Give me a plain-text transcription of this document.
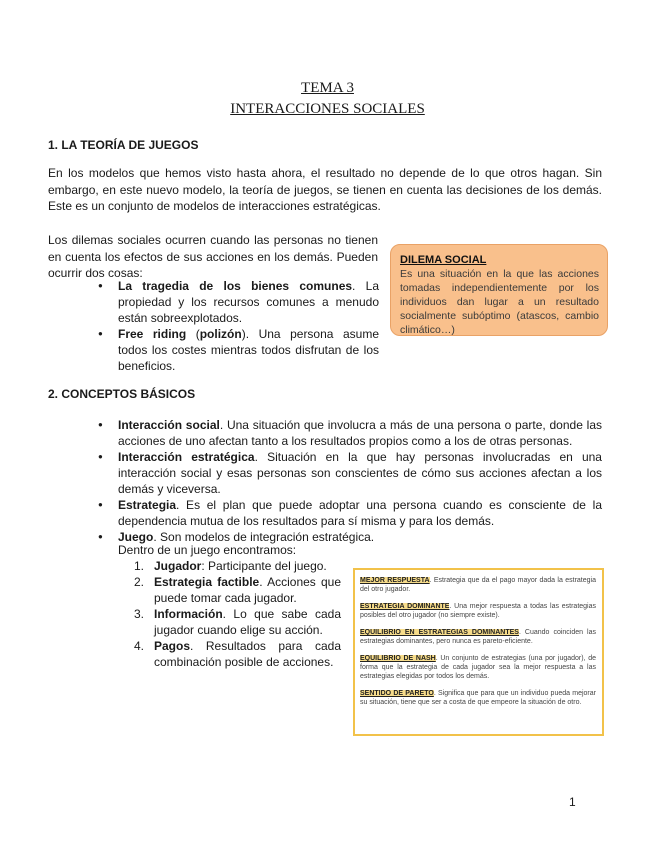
TEMA 3
INTERACCIONES SOCIALES
1. LA TEORÍA DE JUEGOS
En los modelos que hemos visto hasta ahora, el resultado no depende de lo que otros hagan. Sin embargo, en este nuevo modelo, la teoría de juegos, se tienen en cuenta las decisiones de los demás. Este es un conjunto de modelos de interacciones estratégicas.
Los dilemas sociales ocurren cuando las personas no tienen en cuenta los efectos de sus acciones en los demás. Pueden ocurrir dos cosas:
● La tragedia de los bienes comunes. La propiedad y los recursos comunes a menudo están sobreexplotados.
● Free riding (polizón). Una persona asume todos los costes mientras todos disfrutan de los beneficios.
DILEMA SOCIAL
Es una situación en la que las acciones tomadas independientemente por los individuos dan lugar a un resultado socialmente subóptimo (atascos, cambio climático…)
2. CONCEPTOS BÁSICOS
● Interacción social. Una situación que involucra a más de una persona o parte, donde las acciones de uno afectan tanto a los resultados propios como a los de otras personas.
● Interacción estratégica. Situación en la que hay personas involucradas en una interacción social y esas personas son conscientes de cómo sus acciones afectan a los demás y viceversa.
● Estrategia. Es el plan que puede adoptar una persona cuando es consciente de la dependencia mutua de los resultados para sí misma y para los demás.
● Juego. Son modelos de integración estratégica.
Dentro de un juego encontramos:
1. Jugador: Participante del juego.
2. Estrategia factible. Acciones que puede tomar cada jugador.
3. Información. Lo que sabe cada jugador cuando elige su acción.
4. Pagos. Resultados para cada combinación posible de acciones.

MEJOR RESPUESTA. Estrategia que da el pago mayor dada la estrategia del otro jugador.

ESTRATEGIA DOMINANTE. Una mejor respuesta a todas las estrategias posibles del otro jugador (no siempre existe).

EQUILIBRIO EN ESTRATEGIAS DOMINANTES. Cuando coinciden las estrategias dominantes, pero nunca es pareto-eficiente.

EQUILIBRIO DE NASH. Un conjunto de estrategias (una por jugador), de forma que la estrategia de cada jugador sea la mejor respuesta a las estrategias elegidas por todos los demás.

SENTIDO DE PARETO. Significa que para que un individuo pueda mejorar su situación, tiene que ser a costa de que empeore la situación de otro.

1
